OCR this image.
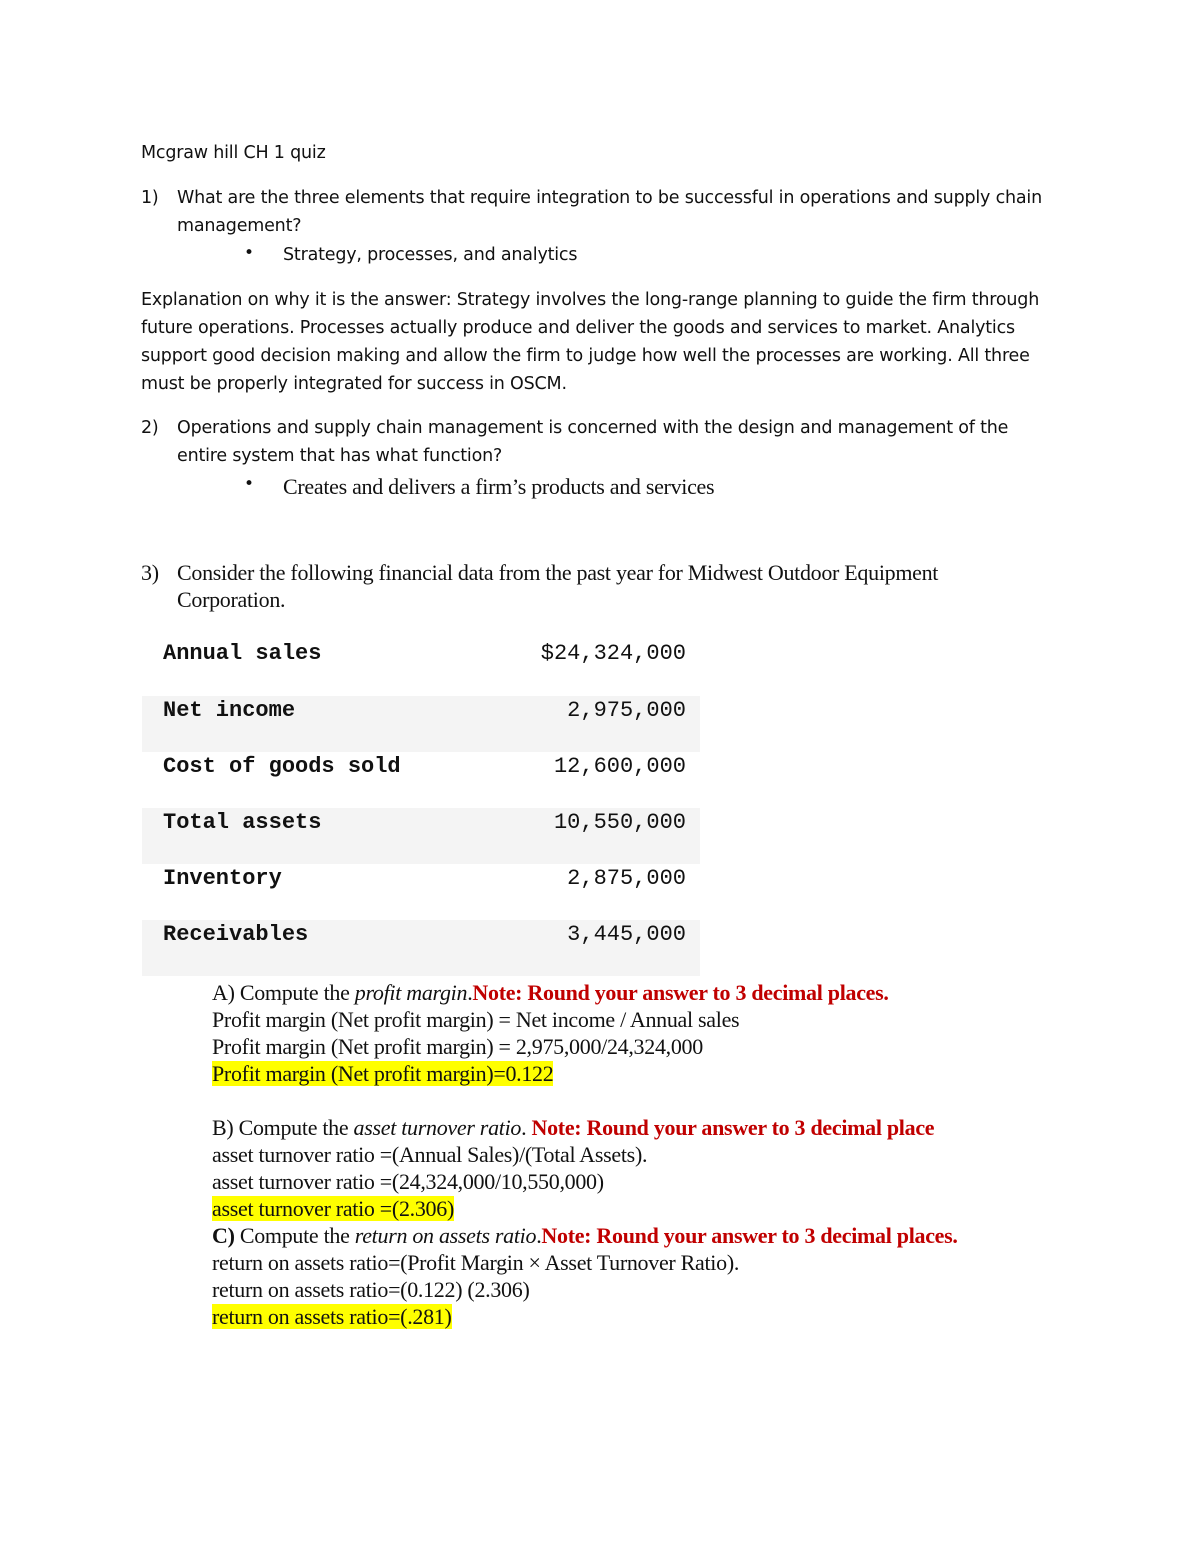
Mcgraw hill CH 1 quiz
1) What are the three elements that require integration to be successful in operations and supply chain
management?
• Strategy, processes, and analytics
Explanation on why it is the answer: Strategy involves the long-range planning to guide the firm through
future operations. Processes actually produce and deliver the goods and services to market. Analytics
support good decision making and allow the firm to judge how well the processes are working. All three
must be properly integrated for success in OSCM.
2) Operations and supply chain management is concerned with the design and management of the
entire system that has what function?
• Creates and delivers a firm’s products and services
3) Consider the following financial data from the past year for Midwest Outdoor Equipment
Corporation.
Annual sales	$24,324,000
Net income	2,975,000
Cost of goods sold	12,600,000
Total assets	10,550,000
Inventory	2,875,000
Receivables	3,445,000
A) Compute the profit margin.Note: Round your answer to 3 decimal places.
Profit margin (Net profit margin) = Net income / Annual sales
Profit margin (Net profit margin) = 2,975,000/24,324,000
Profit margin (Net profit margin)=0.122
B) Compute the asset turnover ratio. Note: Round your answer to 3 decimal place
asset turnover ratio =(Annual Sales)/(Total Assets).
asset turnover ratio =(24,324,000/10,550,000)
asset turnover ratio =(2.306)
C) Compute the return on assets ratio.Note: Round your answer to 3 decimal places.
return on assets ratio=(Profit Margin × Asset Turnover Ratio).
return on assets ratio=(0.122) (2.306)
return on assets ratio=(.281)
